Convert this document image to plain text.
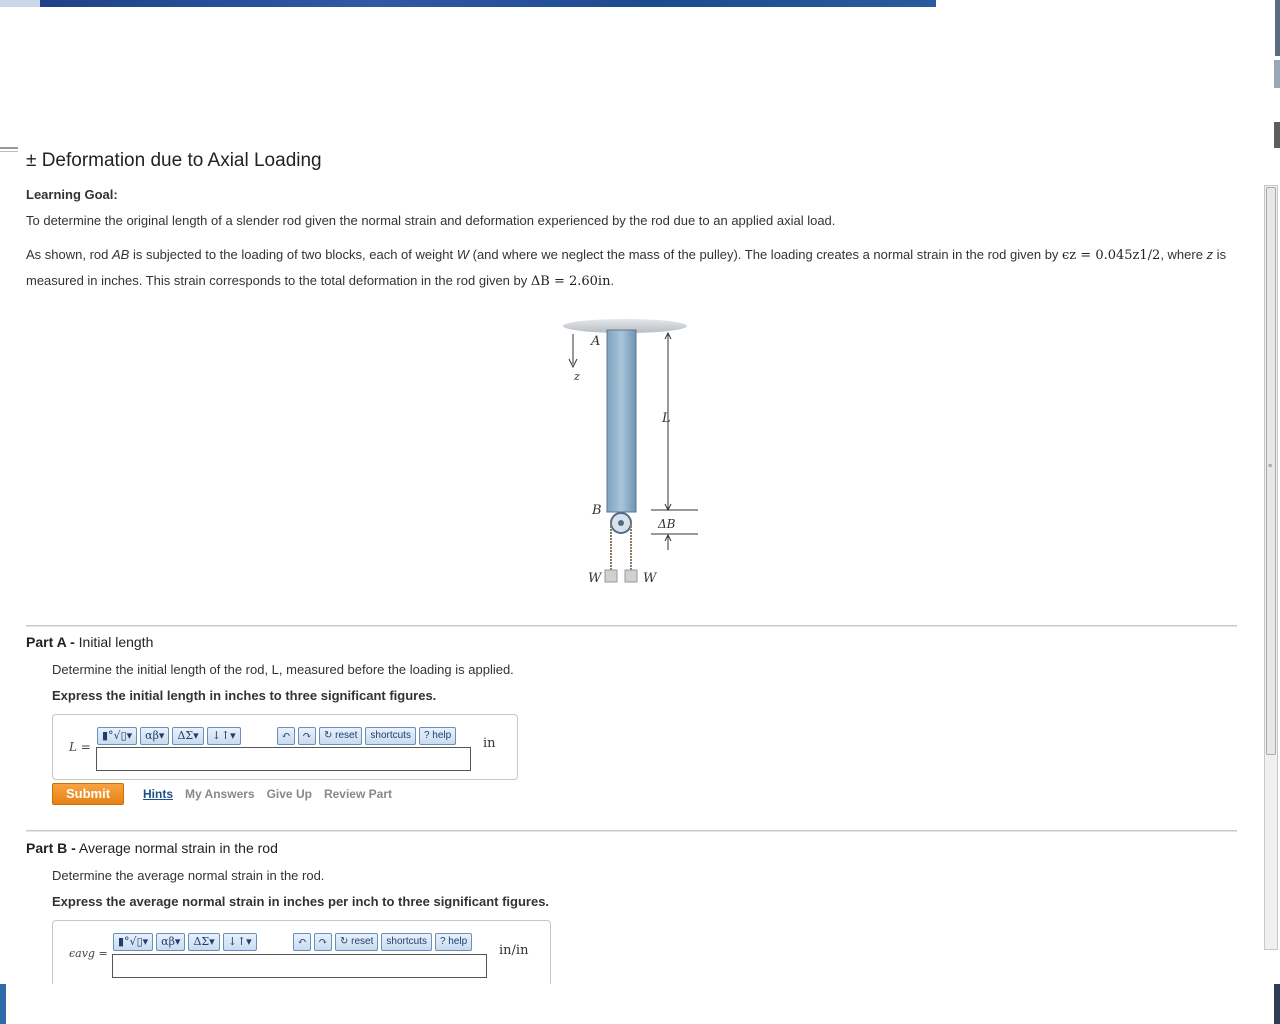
≡
± Deformation due to Axial Loading
Learning Goal:
To determine the original length of a slender rod given the normal strain and deformation experienced by the rod due to an applied axial load.
As shown, rod AB is subjected to the loading of two blocks, each of weight W (and where we neglect the mass of the pulley). The loading creates a normal strain in the rod given by ϵz = 0.045z1/2, where z is measured in inches. This strain corresponds to the total deformation in the rod given by ΔB = 2.60in.
A
z
L
B
ΔB
W	W
Part A - Initial length
Determine the initial length of the rod, L, measured before the loading is applied.
Express the initial length in inches to three significant figures.
L =
▮°√▯▾	αβ▾	ΔΣ▾	↓↑▾	↶	↷	↻ reset	shortcuts	? help
in
Submit	Hints My Answers Give Up Review Part
Part B - Average normal strain in the rod
Determine the average normal strain in the rod.
Express the average normal strain in inches per inch to three significant figures.
ϵavg =
▮°√▯▾	αβ▾	ΔΣ▾	↓↑▾	↶	↷	↻ reset	shortcuts	? help
in/in
